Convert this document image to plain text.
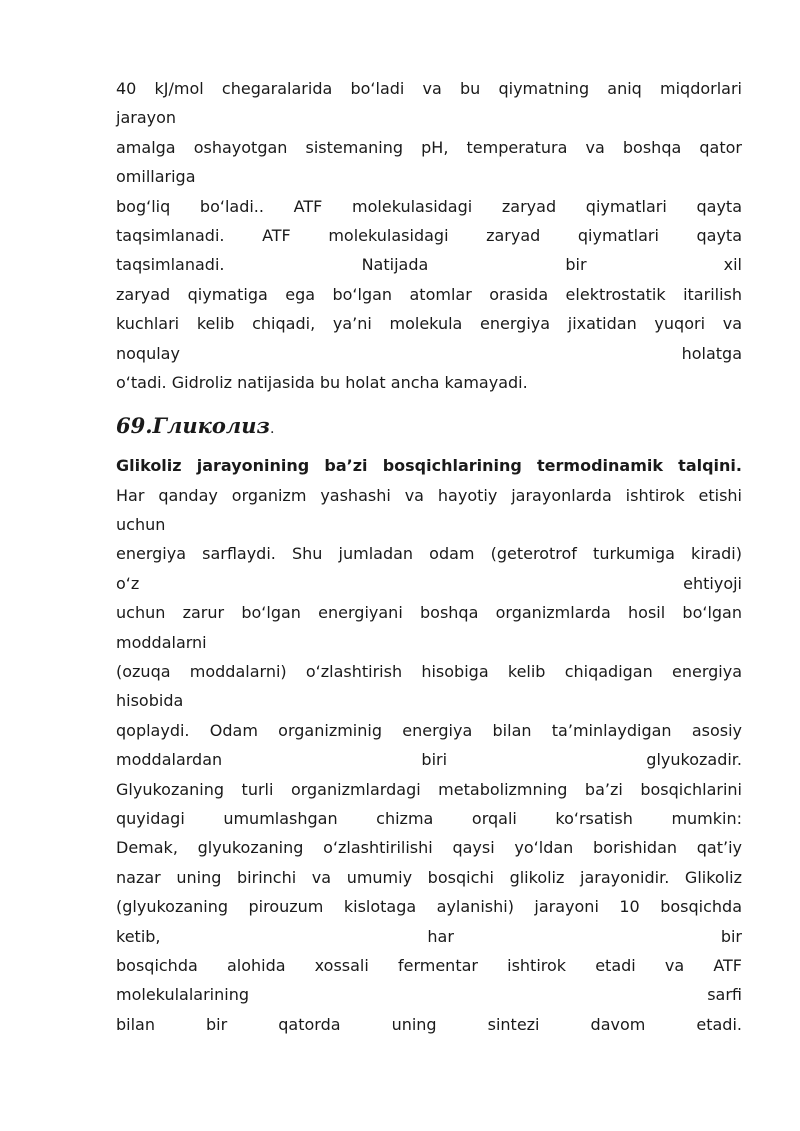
40 kJ/mol chegaralarida bo‘ladi va bu qiymatning aniq miqdorlari
jarayon
amalga oshayotgan sistemaning pH, temperatura va boshqa qator
omillariga
bog‘liq bo‘ladi.. ATF molekulasidagi zaryad qiymatlari qayta
taqsimlanadi. ATF molekulasidagi zaryad qiymatlari qayta
taqsimlanadi. Natijada bir xil
zaryad qiymatiga ega bo‘lgan atomlar orasida elektrostatik itarilish
kuchlari kelib chiqadi, ya’ni molekula energiya jixatidan yuqori va
noqulay holatga
o‘tadi. Gidroliz natijasida bu holat ancha kamayadi.
69.Гликолиз.
Glikoliz jarayonining ba’zi bosqichlarining termodinamik talqini.
Har qanday organizm yashashi va hayotiy jarayonlarda ishtirok etishi
uchun
energiya sarflaydi. Shu jumladan odam (geterotrof turkumiga kiradi)
o‘z ehtiyoji
uchun zarur bo‘lgan energiyani boshqa organizmlarda hosil bo‘lgan
moddalarni
(ozuqa moddalarni) o‘zlashtirish hisobiga kelib chiqadigan energiya
hisobida
qoplaydi. Odam organizminig energiya bilan ta’minlaydigan asosiy
moddalardan biri glyukozadir.
Glyukozaning turli organizmlardagi metabolizmning ba’zi bosqichlarini
quyidagi umumlashgan chizma orqali ko‘rsatish mumkin:
Demak, glyukozaning o‘zlashtirilishi qaysi yo‘ldan borishidan qat’iy
nazar uning birinchi va umumiy bosqichi glikoliz jarayonidir. Glikoliz
(glyukozaning pirouzum kislotaga aylanishi) jarayoni 10 bosqichda
ketib, har bir
bosqichda alohida xossali fermentar ishtirok etadi va ATF
molekulalarining sarfi
bilan bir qatorda uning sintezi davom etadi.
